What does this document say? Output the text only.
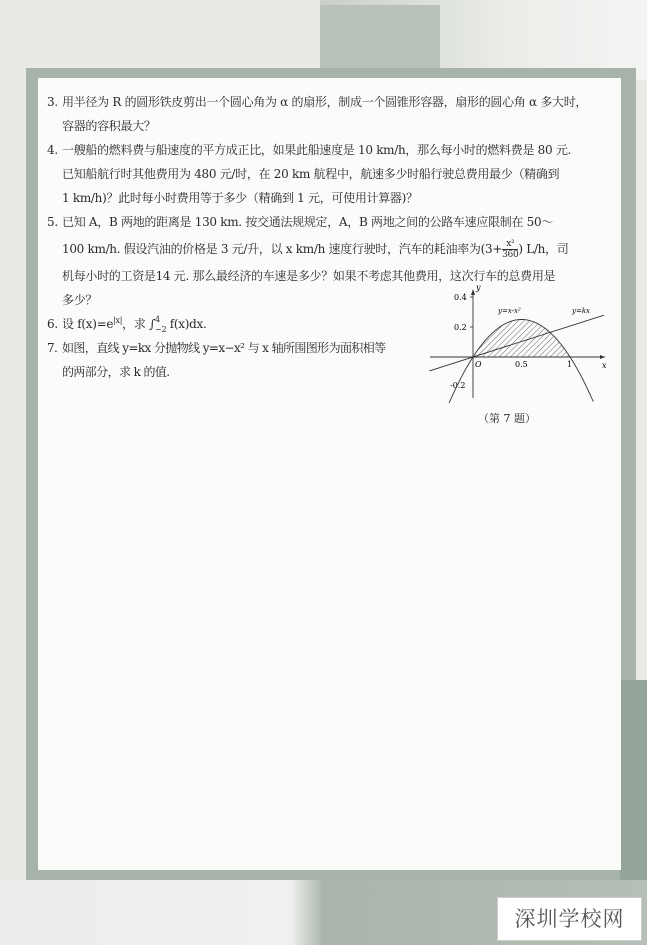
3. 用半径为 R 的圆形铁皮剪出一个圆心角为 α 的扇形，制成一个圆锥形容器，扇形的圆心角 α 多大时，
容器的容积最大？
4. 一艘船的燃料费与船速度的平方成正比，如果此船速度是 10 km/h，那么每小时的燃料费是 80 元.
已知船航行时其他费用为 480 元/时，在 20 km 航程中，航速多少时船行驶总费用最少（精确到
1 km/h)？此时每小时费用等于多少（精确到 1 元，可使用计算器)？
5. 已知 A，B 两地的距离是 130 km. 按交通法规规定，A，B 两地之间的公路车速应限制在 50～
100 km/h. 假设汽油的价格是 3 元/升，以 x km/h 速度行驶时，汽车的耗油率为($3+ \frac{\text{x²}}{360}$ ) L/h，司
机每小时的工资是14 元. 那么最经济的车速是多少？如果不考虑其他费用，这次行车的总费用是
多少？
6. 设 $f(x)=e^{|x|}$，求 ∫ 4
−2 f(x)dx.
7. 如图，直线 y=kx 分抛物线 y=x−x² 与 x 轴所围图形为面积相等
的两部分，求 k 的值.
y
x
O
0.4
0.2
-0.2
0.5	1
y=x-x²	y=kx
（第 7 题）
深圳学校网
